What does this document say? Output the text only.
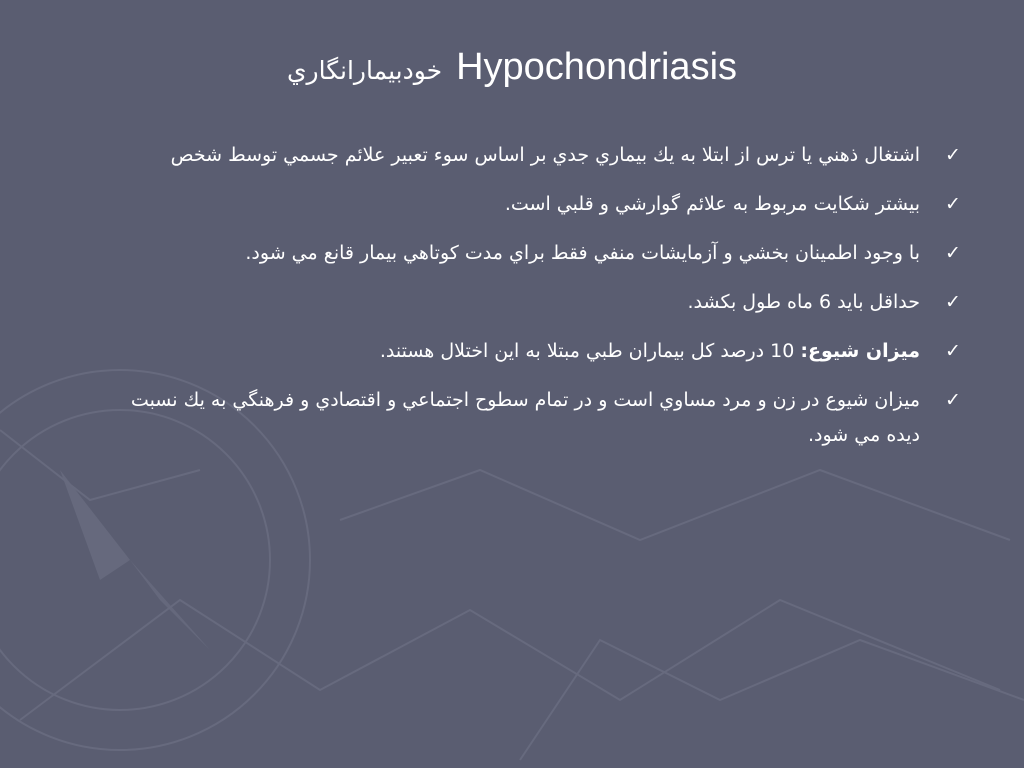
خودبيمارانگاري Hypochondriasis
✓
اشتغال ذهني يا ترس از ابتلا به يك بيماري جدي بر اساس سوء تعبير علائم جسمي توسط شخص
✓
بيشتر شكايت مربوط به علائم گوارشي و قلبي است.
✓
با وجود اطمينان بخشي و آزمايشات منفي فقط براي مدت كوتاهي بيمار قانع مي شود.
✓
حداقل بايد 6 ماه طول بكشد.
✓
ميزان شيوع: 10 درصد كل بيماران طبي مبتلا به اين اختلال هستند.
✓
ميزان شيوع در زن و مرد مساوي است و در تمام سطوح اجتماعي و اقتصادي و فرهنگي به يك نسبت ديده مي شود.
